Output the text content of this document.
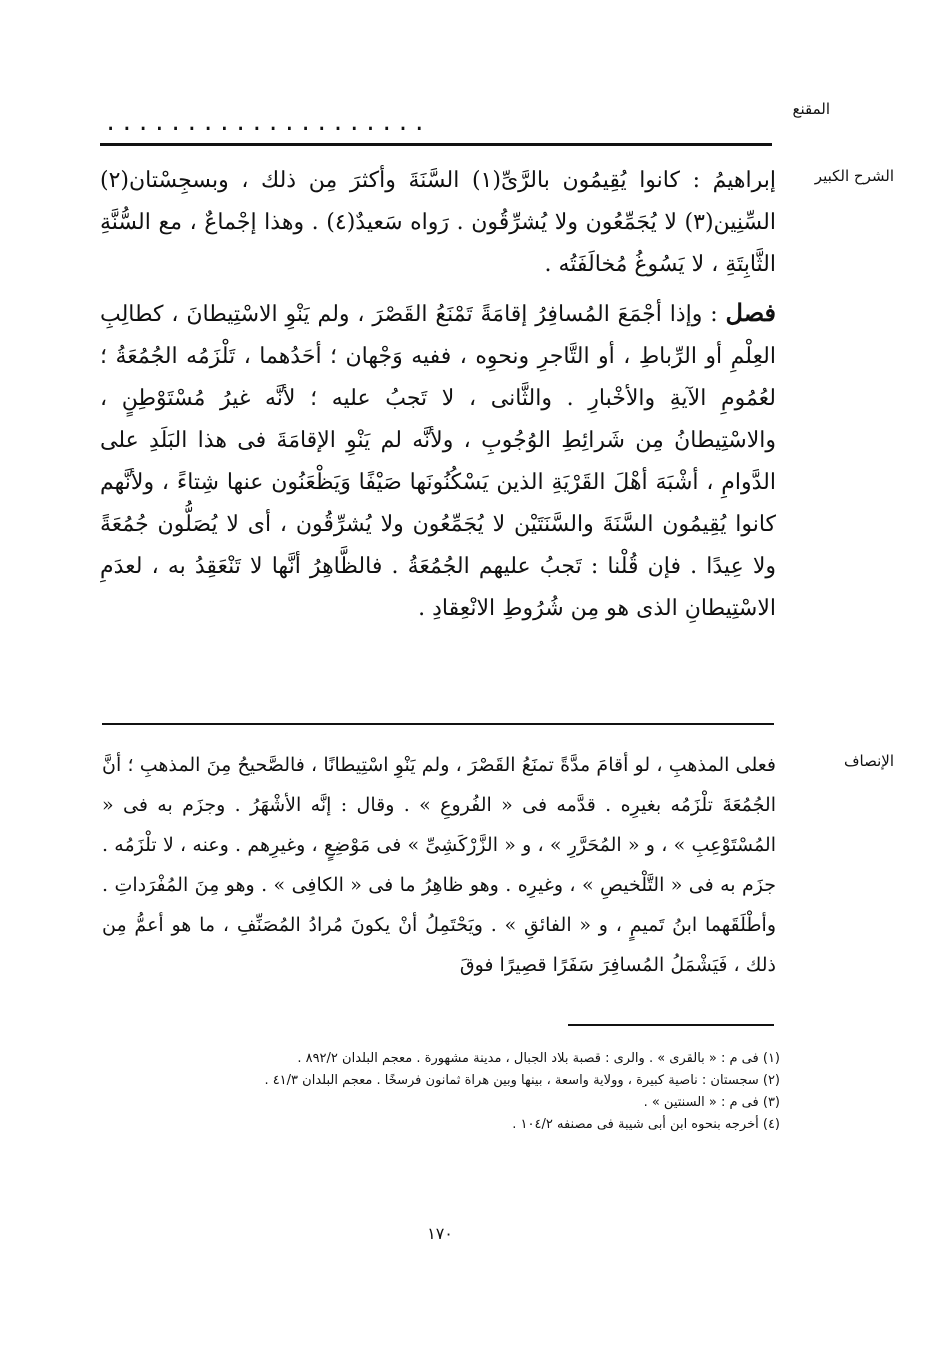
المقنع
....................
الشرح الكبير

إبراهيمُ : كانوا يُقِيمُون بالرَّىِّ(١) السَّنَةَ وأكثرَ مِن ذلك ، وبسجِسْتان(٢) السِّنِين(٣) لا يُجَمِّعُون ولا يُشرِّقُون . رَواه سَعيدٌ(٤) . وهذا إجْماعٌ ، مع السُّنَّةِ الثَّابِتَةِ ، لا يَسُوغُ مُخالَفَتُه .

فصل : وإذا أجْمَعَ المُسافِرُ إقامَةً تَمْنَعُ القَصْرَ ، ولم يَنْوِ الاسْتِيطانَ ، كطالِبِ العِلْمِ أو الرِّباطِ ، أو التَّاجرِ ونحوِه ، ففيه وَجْهان ؛ أحَدُهما ، تَلْزَمُه الجُمُعَةُ ؛ لعُمُومِ الآيةِ والأخْبارِ . والثَّانى ، لا تَجبُ عليه ؛ لأنَّه غيرُ مُسْتَوْطِنٍ ، والاسْتِيطانُ مِن شَرائِطِ الوُجُوبِ ، ولأنَّه لم يَنْوِ الإقامَةَ فى هذا البَلَدِ على الدَّوامِ ، أشْبَهَ أهْلَ القَرْيَةِ الذين يَسْكُنُونَها صَيْفًا وَيَظْعَنُون عنها شِتاءً ، ولأنَّهم كانوا يُقِيمُون السَّنَةَ والسَّنَتَيْن لا يُجَمِّعُون ولا يُشرِّقُون ، أى لا يُصَلُّون جُمُعَةً ولا عِيدًا . فإن قُلْنا : تَجبُ عليهم الجُمُعَةُ . فالظَّاهِرُ أنَّها لا تَنْعَقِدُ به ، لعدَمِ الاسْتِيطانِ الذى هو مِن شُرُوطِ الانْعِقادِ .

الإنصاف

فعلى المذهبِ ، لو أقامَ مدَّةً تمنَعُ القَصْرَ ، ولم يَنْوِ اسْتِيطانًا ، فالصَّحيحُ مِنَ المذهبِ ؛ أنَّ الجُمُعَةَ تلْزَمُه بغيرِه . قدَّمه فى « الفُروعِ » . وقال : إنَّه الأشْهَرُ . وجزَم به فى « المُسْتَوْعِبِ » ، و « المُحَرَّرِ » ، و « الزَّرْكَشِىِّ » فى مَوْضِعٍ ، وغيرِهم . وعنه ، لا تلْزَمُه . جزَم به فى « التَّلْخيصِ » ، وغيرِه . وهو ظاهِرُ ما فى « الكافِى » . وهو مِنَ المُفْرَداتِ . وأطْلَقَهما ابنُ تَميمٍ ، و « الفائقِ » . ويَحْتَمِلُ أنْ يكونَ مُرادُ المُصَنِّفِ ، ما هو أعمُّ مِن ذلك ، فَيَشْمَلُ المُسافِرَ سَفَرًا قصِيرًا فوقَ

(١) فى م : « بالقرى » . والرى : قصبة بلاد الجبال ، مدينة مشهورة . معجم البلدان ٨٩٢/٢ .

(٢) سجستان : ناصية كبيرة ، وولاية واسعة ، بينها وبين هراة ثمانون فرسخًا . معجم البلدان ٤١/٣ .

(٣) فى م : « السنتين » .

(٤) أخرجه بنحوه ابن أبى شيبة فى مصنفه ١٠٤/٢ .

١٧٠
